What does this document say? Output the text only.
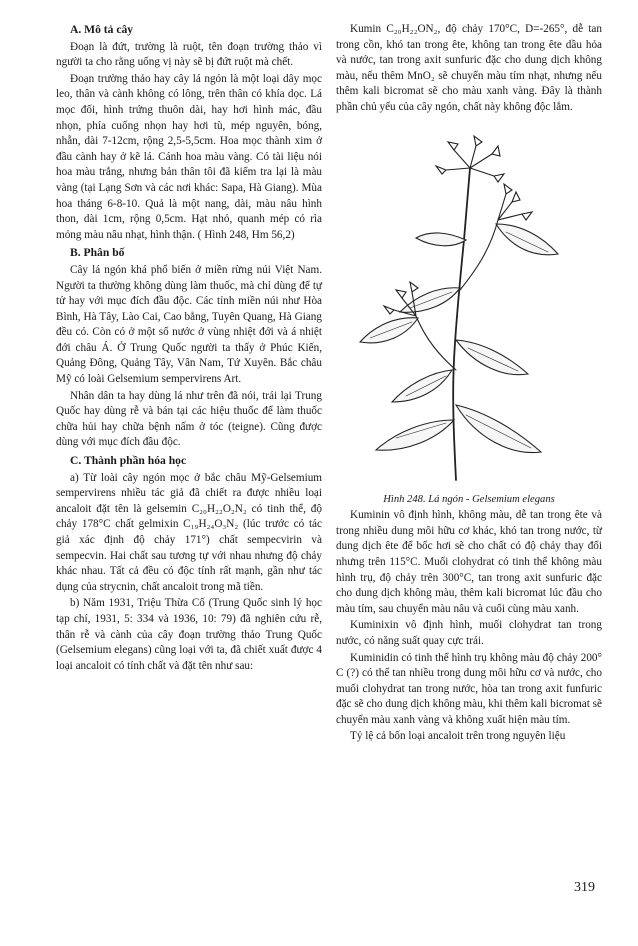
A. Mô tả cây

Đoạn là đứt, trường là ruột, tên đoạn trường thảo vì người ta cho rằng uống vị này sẽ bị đứt ruột mà chết.

Đoạn trường thảo hay cây lá ngón là một loại dây mọc leo, thân và cành không có lông, trên thân có khía dọc. Lá mọc đối, hình trứng thuôn dài, hay hơi hình mác, đầu nhọn, phía cuống nhọn hay hơi tù, mép nguyên, bóng, nhẵn, dài 7-12cm, rộng 2,5-5,5cm. Hoa mọc thành xim ở đầu cành hay ở kẽ lá. Cánh hoa màu vàng. Có tài liệu nói hoa màu trắng, nhưng bản thân tôi đã kiểm tra lại là màu vàng (tại Lạng Sơn và các nơi khác: Sapa, Hà Giang). Mùa hoa tháng 6-8-10. Quả là một nang, dài, màu nâu hình thon, dài 1cm, rộng 0,5cm. Hạt nhỏ, quanh mép có rìa mỏng màu nâu nhạt, hình thận. ( Hình 248, Hm 56,2)

B. Phân bố

Cây lá ngón khá phổ biến ở miền rừng núi Việt Nam. Người ta thường không dùng làm thuốc, mà chỉ dùng để tự tử hay với mục đích đầu độc. Các tỉnh miền núi như Hòa Bình, Hà Tây, Lào Cai, Cao bằng, Tuyên Quang, Hà Giang đều có. Còn có ở một số nước ở vùng nhiệt đới và á nhiệt đới châu Á. Ở Trung Quốc người ta thấy ở Phúc Kiến, Quảng Đông, Quảng Tây, Vân Nam, Tứ Xuyên. Bắc châu Mỹ có loài Gelsemium sempervirens Art.

Nhân dân ta hay dùng lá như trên đã nói, trái lại Trung Quốc hay dùng rễ và bán tại các hiệu thuốc để làm thuốc chữa hủi hay chữa bệnh nấm ở tóc (teigne). Cũng được dùng với mục đích đầu độc.

C. Thành phần hóa học

a) Từ loài cây ngón mọc ở bắc châu Mỹ-Gelsemium sempervirens nhiều tác giả đã chiết ra được nhiều loại ancaloit đặt tên là gelsemin C₂₀H₂₂O₂N₂ có tinh thể, độ chảy 178°C chất gelmixin C₁₉H₂₄O₃N₂ (lúc trước có tác giả xác định độ chảy 171°) chất sempecvirin và sempecvin. Hai chất sau tương tự với nhau nhưng độ chảy khác nhau. Tất cả đều có độc tính rất mạnh, gần như tác dụng của strycnin, chất ancaloit trong mã tiền.

b) Năm 1931, Triệu Thừa Cố (Trung Quốc sinh lý học tạp chí, 1931, 5: 334 và 1936, 10: 79) đã nghiên cứu rễ, thân rễ và cành của cây đoạn trường thảo Trung Quốc (Gelsemium elegans) cũng loại với ta, đã chiết xuất được 4 loại ancaloit có tính chất và đặt tên như sau:

Kumin C₂₀H₂₂ON₂, độ chảy 170°C, D=-265°, dễ tan trong cồn, khó tan trong ête, không tan trong ête dầu hỏa và nước, tan trong axit sunfuric đặc cho dung dịch không màu, nếu thêm MnO₂ sẽ chuyển màu tím nhạt, nhưng nếu thêm kali bicromat sẽ cho màu xanh vàng. Đây là thành phần chủ yếu của cây ngón, chất này không độc lắm.

Hình 248. Lá ngón - Gelsemium elegans

Kuminin vô định hình, không màu, dễ tan trong ête và trong nhiều dung môi hữu cơ khác, khó tan trong nước, từ dung dịch ête để bốc hơi sẽ cho chất có độ chảy thay đổi nhưng trên 115°C. Muối clohydrat có tinh thể không màu hình trụ, độ chảy trên 300°C, tan trong axit sunfuric đặc cho dung dịch không màu, thêm kali bicromat lúc đầu cho màu tím, sau chuyển màu nâu và cuối cùng màu xanh.

Kuminixin vô định hình, muối clohydrat tan trong nước, có năng suất quay cực trái.

Kuminidin có tinh thể hình trụ không màu độ chảy 200° C (?) có thể tan nhiều trong dung môi hữu cơ và nước, cho muối clohydrat tan trong nước, hòa tan trong axit funfuric đặc sẽ cho dung dịch không màu, khi thêm kali bicromat sẽ chuyển màu xanh vàng và không xuất hiện màu tím.

Tỷ lệ cả bốn loại ancaloit trên trong nguyên liệu

319
